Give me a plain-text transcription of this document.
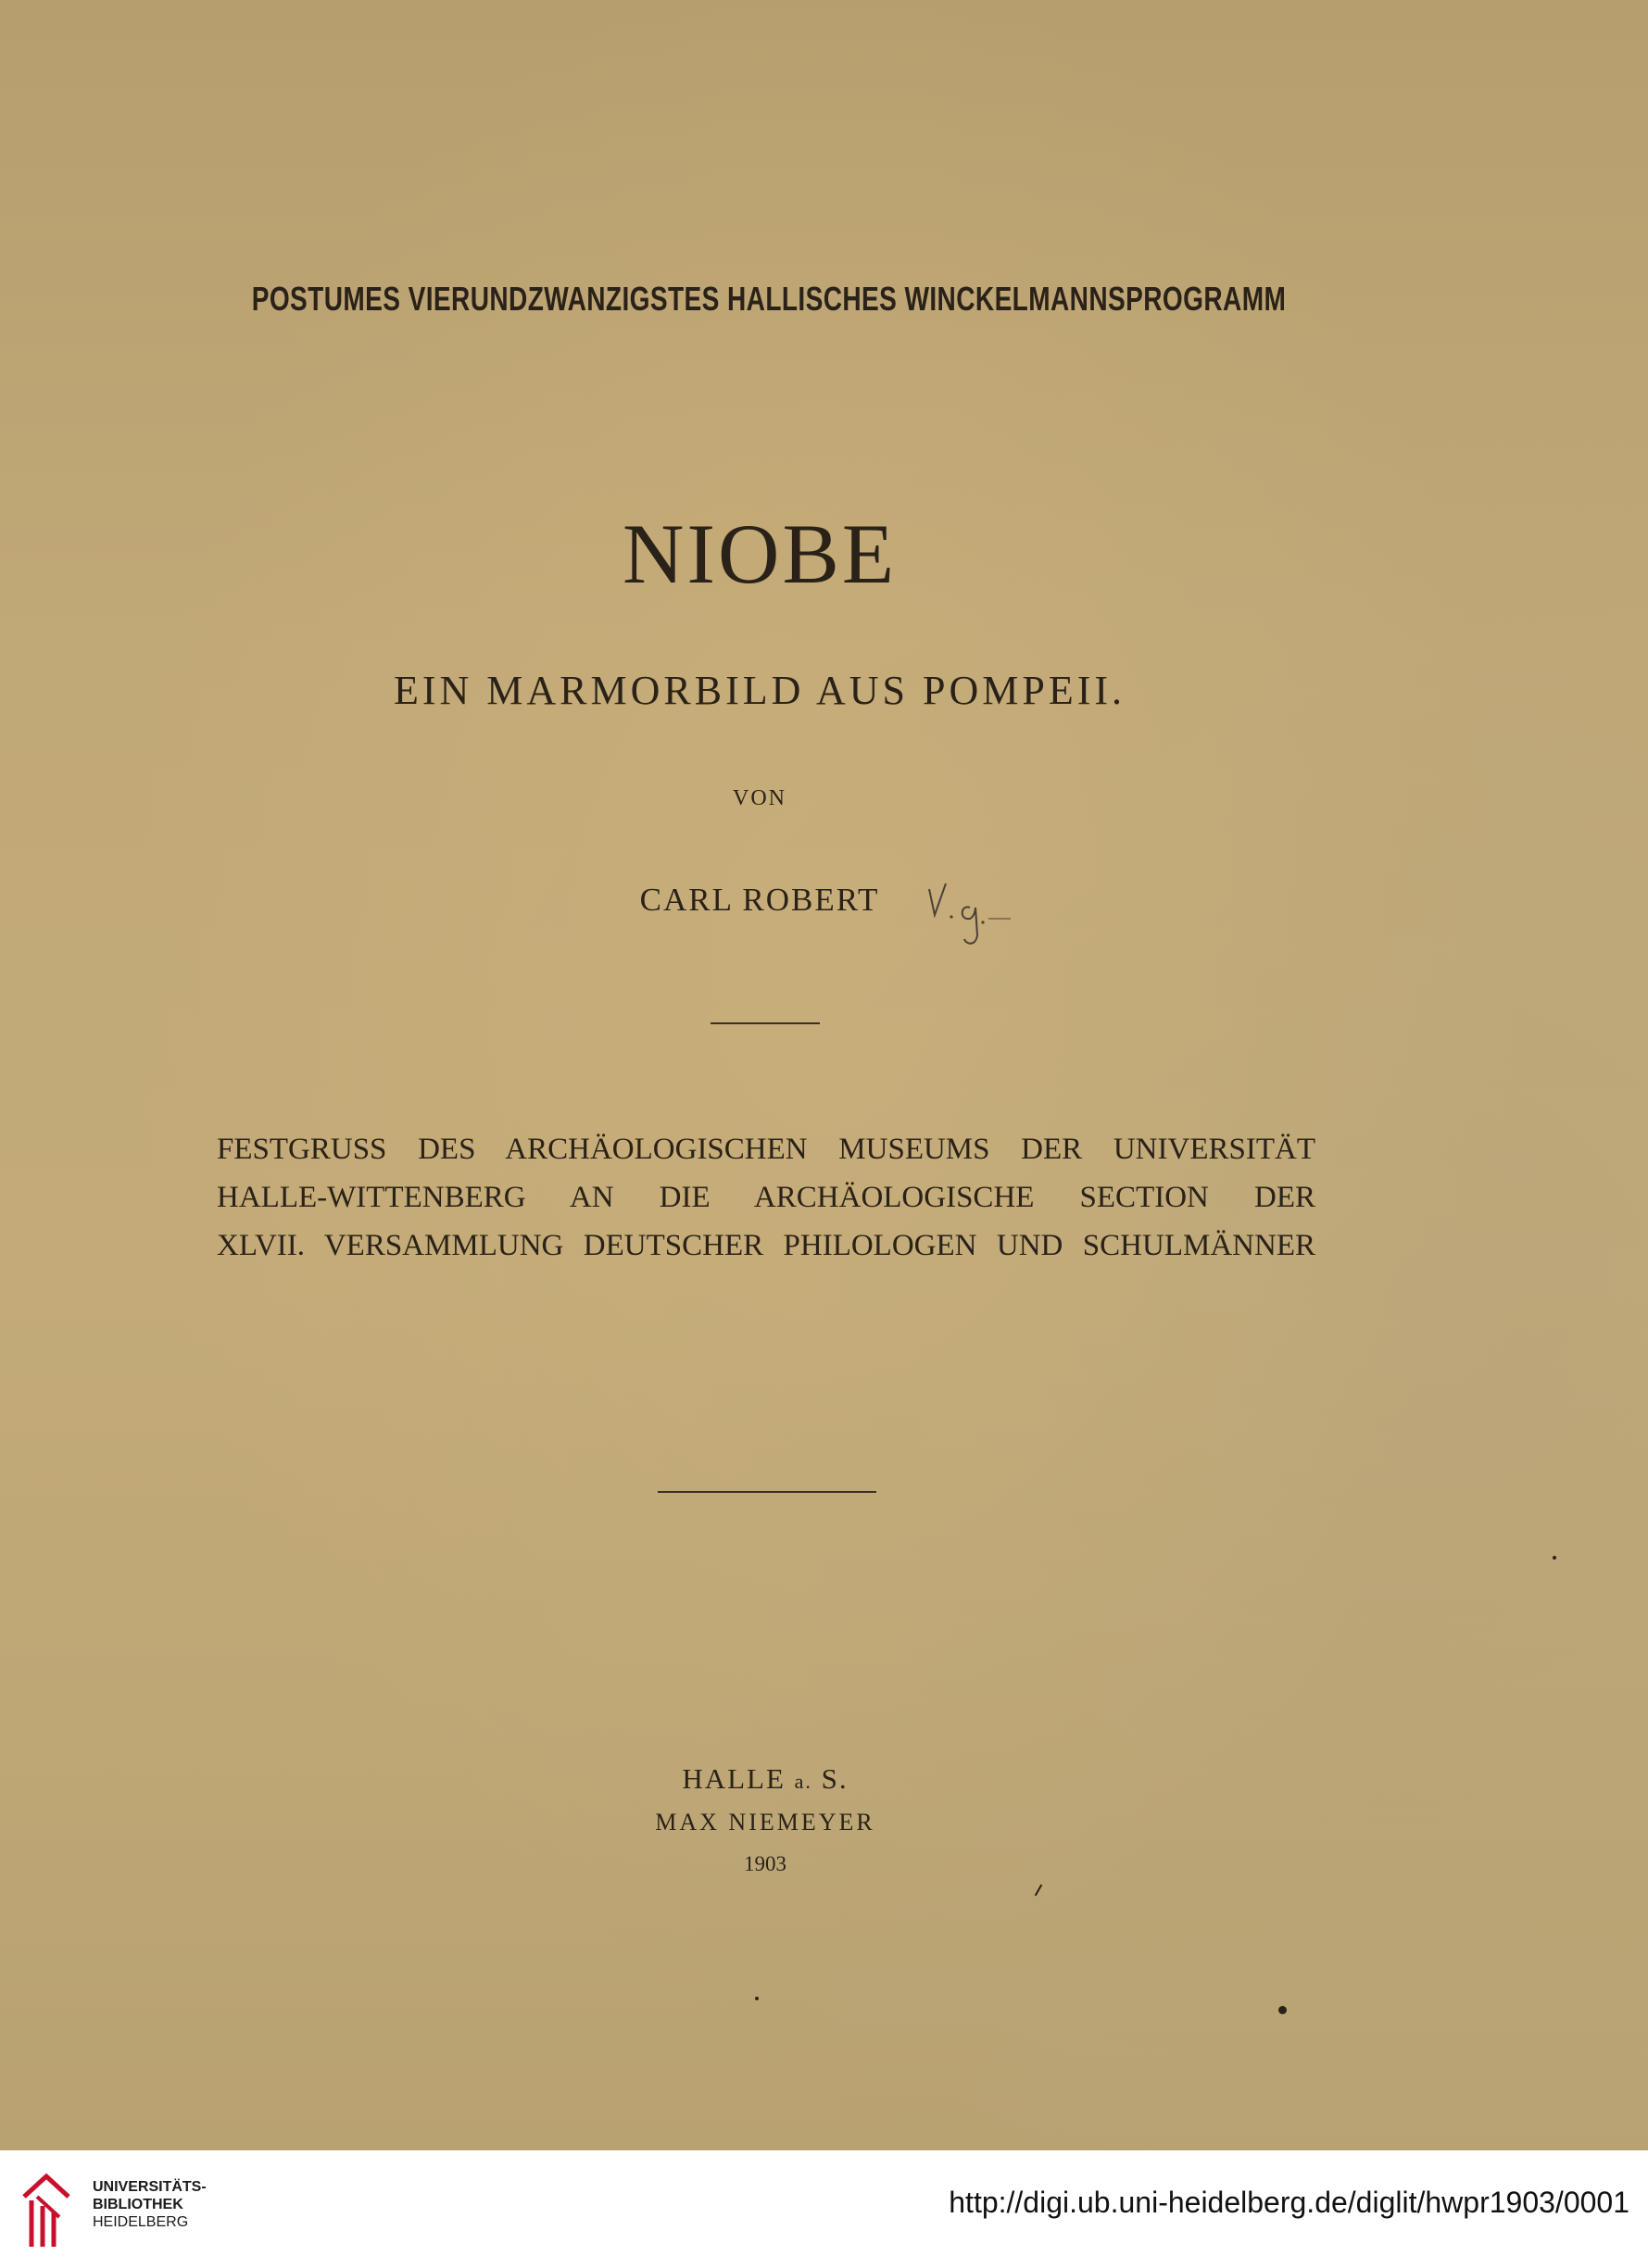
POSTUMES VIERUNDZWANZIGSTES HALLISCHES WINCKELMANNSPROGRAMM
NIOBE
EIN MARMORBILD AUS POMPEII.
VON
CARL ROBERT
FESTGRUSS DES ARCHÄOLOGISCHEN MUSEUMS DER UNIVERSITÄT
HALLE-WITTENBERG AN DIE ARCHÄOLOGISCHE SECTION DER
XLVII. VERSAMMLUNG DEUTSCHER PHILOLOGEN UND SCHULMÄNNER
HALLE a. S.
MAX NIEMEYER
1903
UNIVERSITÄTS-
BIBLIOTHEK
HEIDELBERG
http://digi.ub.uni-heidelberg.de/diglit/hwpr1903/0001
